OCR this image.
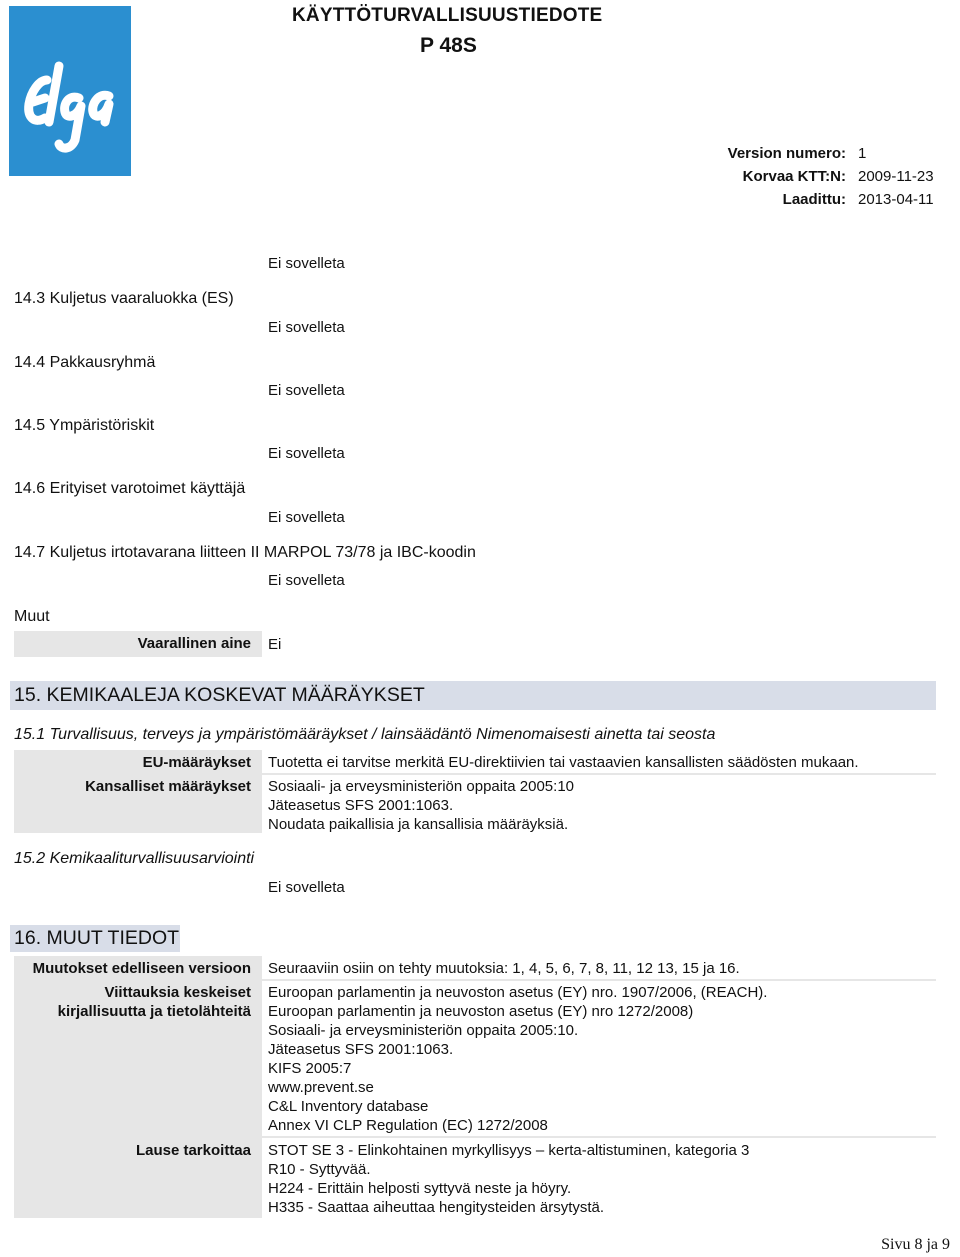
KÄYTTÖTURVALLISUUSTIEDOTE
P 48S
Version numero: 1
Korvaa KTT:N: 2009-11-23
Laadittu: 2013-04-11
Ei sovelleta
14.3 Kuljetus vaaraluokka (ES)
Ei sovelleta
14.4 Pakkausryhmä
Ei sovelleta
14.5 Ympäristöriskit
Ei sovelleta
14.6 Erityiset varotoimet käyttäjä
Ei sovelleta
14.7 Kuljetus irtotavarana liitteen II MARPOL 73/78 ja IBC-koodin
Ei sovelleta
Muut
Vaarallinen aine	Ei
15. KEMIKAALEJA KOSKEVAT MÄÄRÄYKSET
15.1 Turvallisuus, terveys ja ympäristömääräykset / lainsäädäntö Nimenomaisesti ainetta tai seosta
EU-määräykset
Kansalliset määräykset
Tuotetta ei tarvitse merkitä EU-direktiivien tai vastaavien kansallisten säädösten mukaan.
Sosiaali- ja erveysministeriön oppaita 2005:10
Jäteasetus SFS 2001:1063.
Noudata paikallisia ja kansallisia määräyksiä.
15.2 Kemikaaliturvallisuusarviointi
Ei sovelleta
16. MUUT TIEDOT
Muutokset edelliseen versioon
Viittauksia keskeiset
kirjallisuutta ja tietolähteitä
Lause tarkoittaa
Seuraaviin osiin on tehty muutoksia: 1, 4, 5, 6, 7, 8, 11, 12 13, 15 ja 16.
Euroopan parlamentin ja neuvoston asetus (EY) nro. 1907/2006, (REACH).
Euroopan parlamentin ja neuvoston asetus (EY) nro 1272/2008)
Sosiaali- ja erveysministeriön oppaita 2005:10.
Jäteasetus SFS 2001:1063.
KIFS 2005:7
www.prevent.se
C&L Inventory database
Annex VI CLP Regulation (EC) 1272/2008
STOT SE 3 - Elinkohtainen myrkyllisyys – kerta-altistuminen, kategoria 3
R10 - Syttyvää.
H224 - Erittäin helposti syttyvä neste ja höyry.
H335 - Saattaa aiheuttaa hengitysteiden ärsytystä.
Sivu 8 ja 9
